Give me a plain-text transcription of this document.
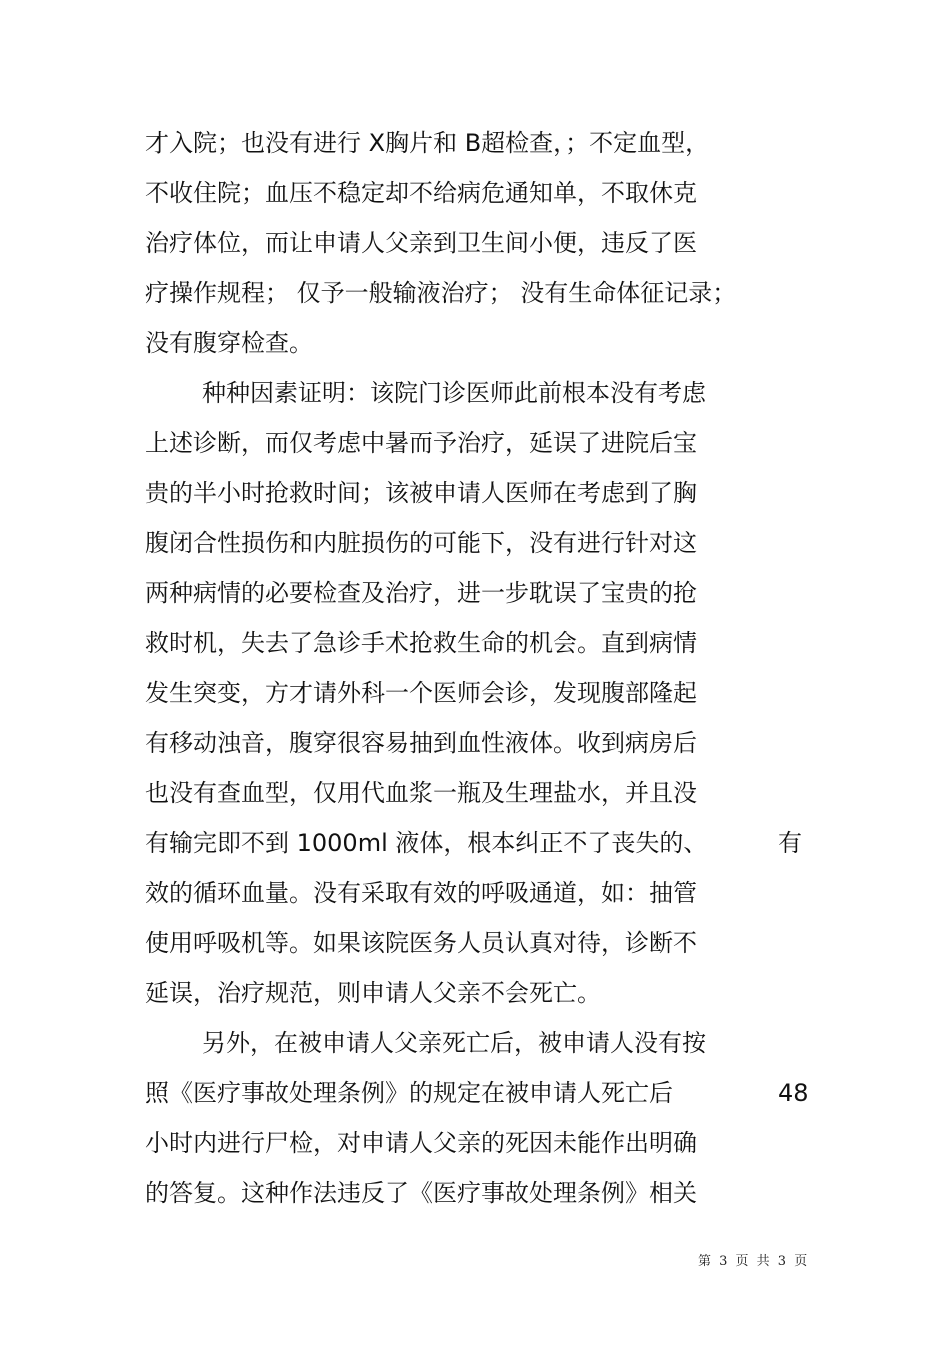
才入院；也没有进行 X胸片和 B超检查，；不定血型，
不收住院；血压不稳定却不给病危通知单，不取休克
治疗体位，而让申请人父亲到卫生间小便，违反了医
疗操作规程； 仅予一般输液治疗； 没有生命体征记录；
没有腹穿检查。
种种因素证明：该院门诊医师此前根本没有考虑
上述诊断，而仅考虑中暑而予治疗，延误了进院后宝
贵的半小时抢救时间；该被申请人医师在考虑到了胸
腹闭合性损伤和内脏损伤的可能下，没有进行针对这
两种病情的必要检查及治疗，进一步耽误了宝贵的抢
救时机，失去了急诊手术抢救生命的机会。直到病情
发生突变，方才请外科一个医师会诊，发现腹部隆起
有移动浊音，腹穿很容易抽到血性液体。收到病房后
也没有查血型，仅用代血浆一瓶及生理盐水，并且没
有输完即不到 1000ml 液体，根本纠正不了丧失的、	有
效的循环血量。没有采取有效的呼吸通道，如：抽管
使用呼吸机等。如果该院医务人员认真对待，诊断不
延误，治疗规范，则申请人父亲不会死亡。
另外，在被申请人父亲死亡后，被申请人没有按
照《医疗事故处理条例》的规定在被申请人死亡后	48
小时内进行尸检，对申请人父亲的死因未能作出明确
的答复。这种作法违反了《医疗事故处理条例》相关
第 3 页 共 3 页
